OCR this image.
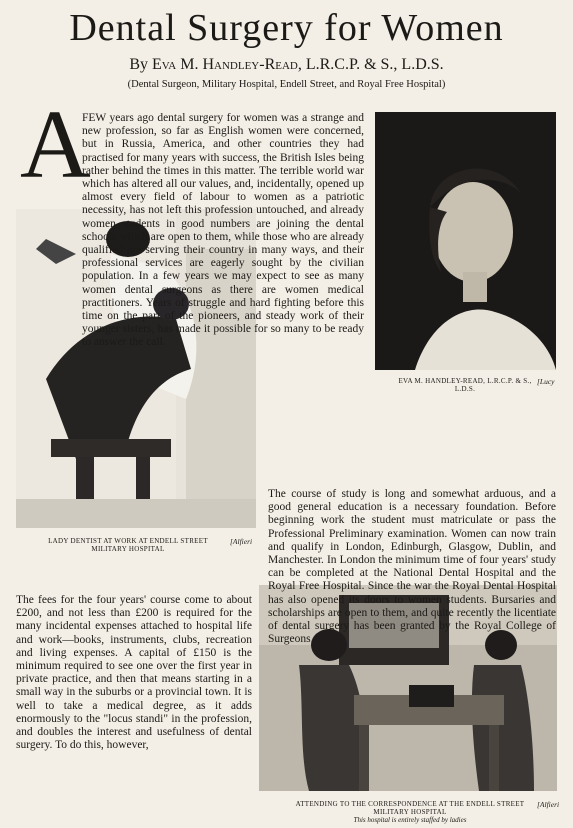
Dental Surgery for Women
By Eva M. Handley-Read, L.R.C.P. & S., L.D.S.
(Dental Surgeon, Military Hospital, Endell Street, and Royal Free Hospital)
EVA M. HANDLEY-READ, L.R.C.P. & S., L.D.S.
[Lucy
LADY DENTIST AT WORK AT ENDELL STREET MILITARY HOSPITAL
[Alfieri
ATTENDING TO THE CORRESPONDENCE AT THE ENDELL STREET MILITARY HOSPITAL
[Alfieri
This hospital is entirely staffed by ladies
A

FEW years ago dental surgery for women was a strange and new profession, so far as English women were concerned, but in Russia, America, and other countries they had practised for many years with success, the British Isles being rather behind the times in this matter. The terrible world war which has altered all our values, and, incidentally, opened up almost every field of labour to women as a patriotic necessity, has not left this profession untouched, and already women students in good numbers are joining the dental schools which are open to them, while those who are already qualified are serving their country in many ways, and their professional services are eagerly sought by the civilian population. In a few years we may expect to see as many women dental surgeons as there are women medical practitioners. Years of struggle and hard fighting before this time on the part of the pioneers, and steady work of their younger sisters, has made it possible for so many to be ready to answer the call.

The course of study is long and somewhat arduous, and a good general education is a necessary foundation. Before beginning work the student must matriculate or pass the Professional Preliminary examination. Women can now train and qualify in London, Edinburgh, Glasgow, Dublin, and Manchester. In London the minimum time of four years' study can be completed at the National Dental Hospital and the Royal Free Hospital. Since the war the Royal Dental Hospital has also opened its doors to women students. Bursaries and scholarships are open to them, and quite recently the licentiate of dental surgery has been granted by the Royal College of Surgeons.

The fees for the four years' course come to about £200, and not less than £200 is required for the many incidental expenses attached to hospital life and work—books, instruments, clubs, recreation and living expenses. A capital of £150 is the minimum required to see one over the first year in private practice, and then that means starting in a small way in the suburbs or a provincial town. It is well to take a medical degree, as it adds enormously to the "locus standi" in the profession, and doubles the interest and usefulness of dental surgery. To do this, however,
